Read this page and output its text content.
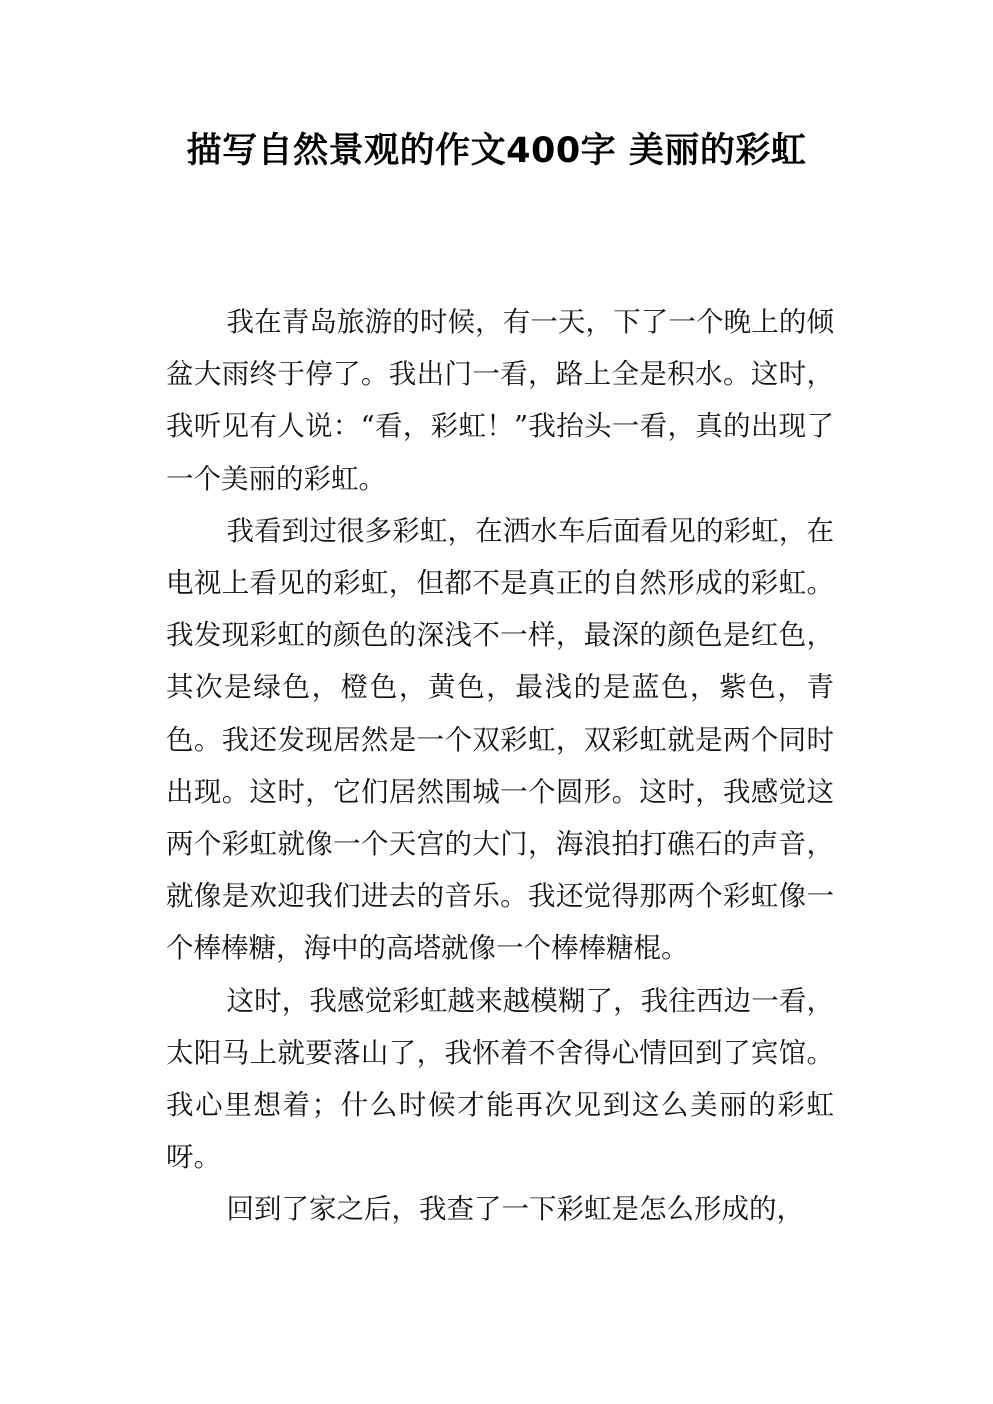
描写自然景观的作文400字 美丽的彩虹

我在青岛旅游的时候，有一天，下了一个晚上的倾盆大雨终于停了。我出门一看，路上全是积水。这时，我听见有人说：“看，彩虹！”我抬头一看，真的出现了一个美丽的彩虹。

我看到过很多彩虹，在洒水车后面看见的彩虹，在电视上看见的彩虹，但都不是真正的自然形成的彩虹。我发现彩虹的颜色的深浅不一样，最深的颜色是红色，其次是绿色，橙色，黄色，最浅的是蓝色，紫色，青色。我还发现居然是一个双彩虹，双彩虹就是两个同时出现。这时，它们居然围城一个圆形。这时，我感觉这两个彩虹就像一个天宫的大门，海浪拍打礁石的声音，就像是欢迎我们进去的音乐。我还觉得那两个彩虹像一个棒棒糖，海中的高塔就像一个棒棒糖棍。

这时，我感觉彩虹越来越模糊了，我往西边一看，太阳马上就要落山了，我怀着不舍得心情回到了宾馆。我心里想着；什么时候才能再次见到这么美丽的彩虹呀。

回到了家之后，我查了一下彩虹是怎么形成的，
